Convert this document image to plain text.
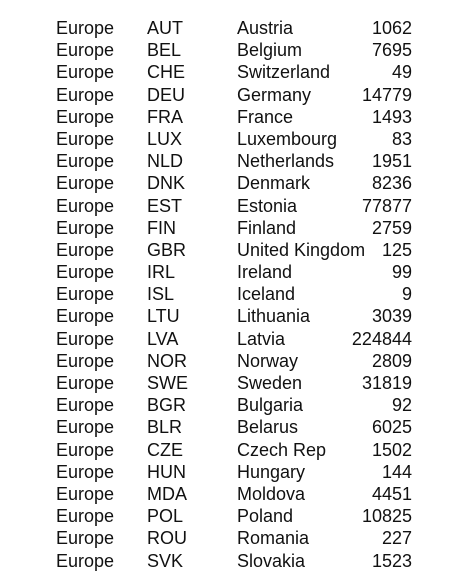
Europe	AUT	Austria	1062
Europe	BEL	Belgium	7695
Europe	CHE	Switzerland	49
Europe	DEU	Germany	14779
Europe	FRA	France	1493
Europe	LUX	Luxembourg	83
Europe	NLD	Netherlands	1951
Europe	DNK	Denmark	8236
Europe	EST	Estonia	77877
Europe	FIN	Finland	2759
Europe	GBR	United Kingdom 125
Europe	IRL	Ireland	99
Europe	ISL	Iceland	9
Europe	LTU	Lithuania	3039
Europe	LVA	Latvia	224844
Europe	NOR	Norway	2809
Europe	SWE	Sweden	31819
Europe	BGR	Bulgaria	92
Europe	BLR	Belarus	6025
Europe	CZE	Czech Rep	1502
Europe	HUN	Hungary	144
Europe	MDA	Moldova	4451
Europe	POL	Poland	10825
Europe	ROU	Romania	227
Europe	SVK	Slovakia	1523
